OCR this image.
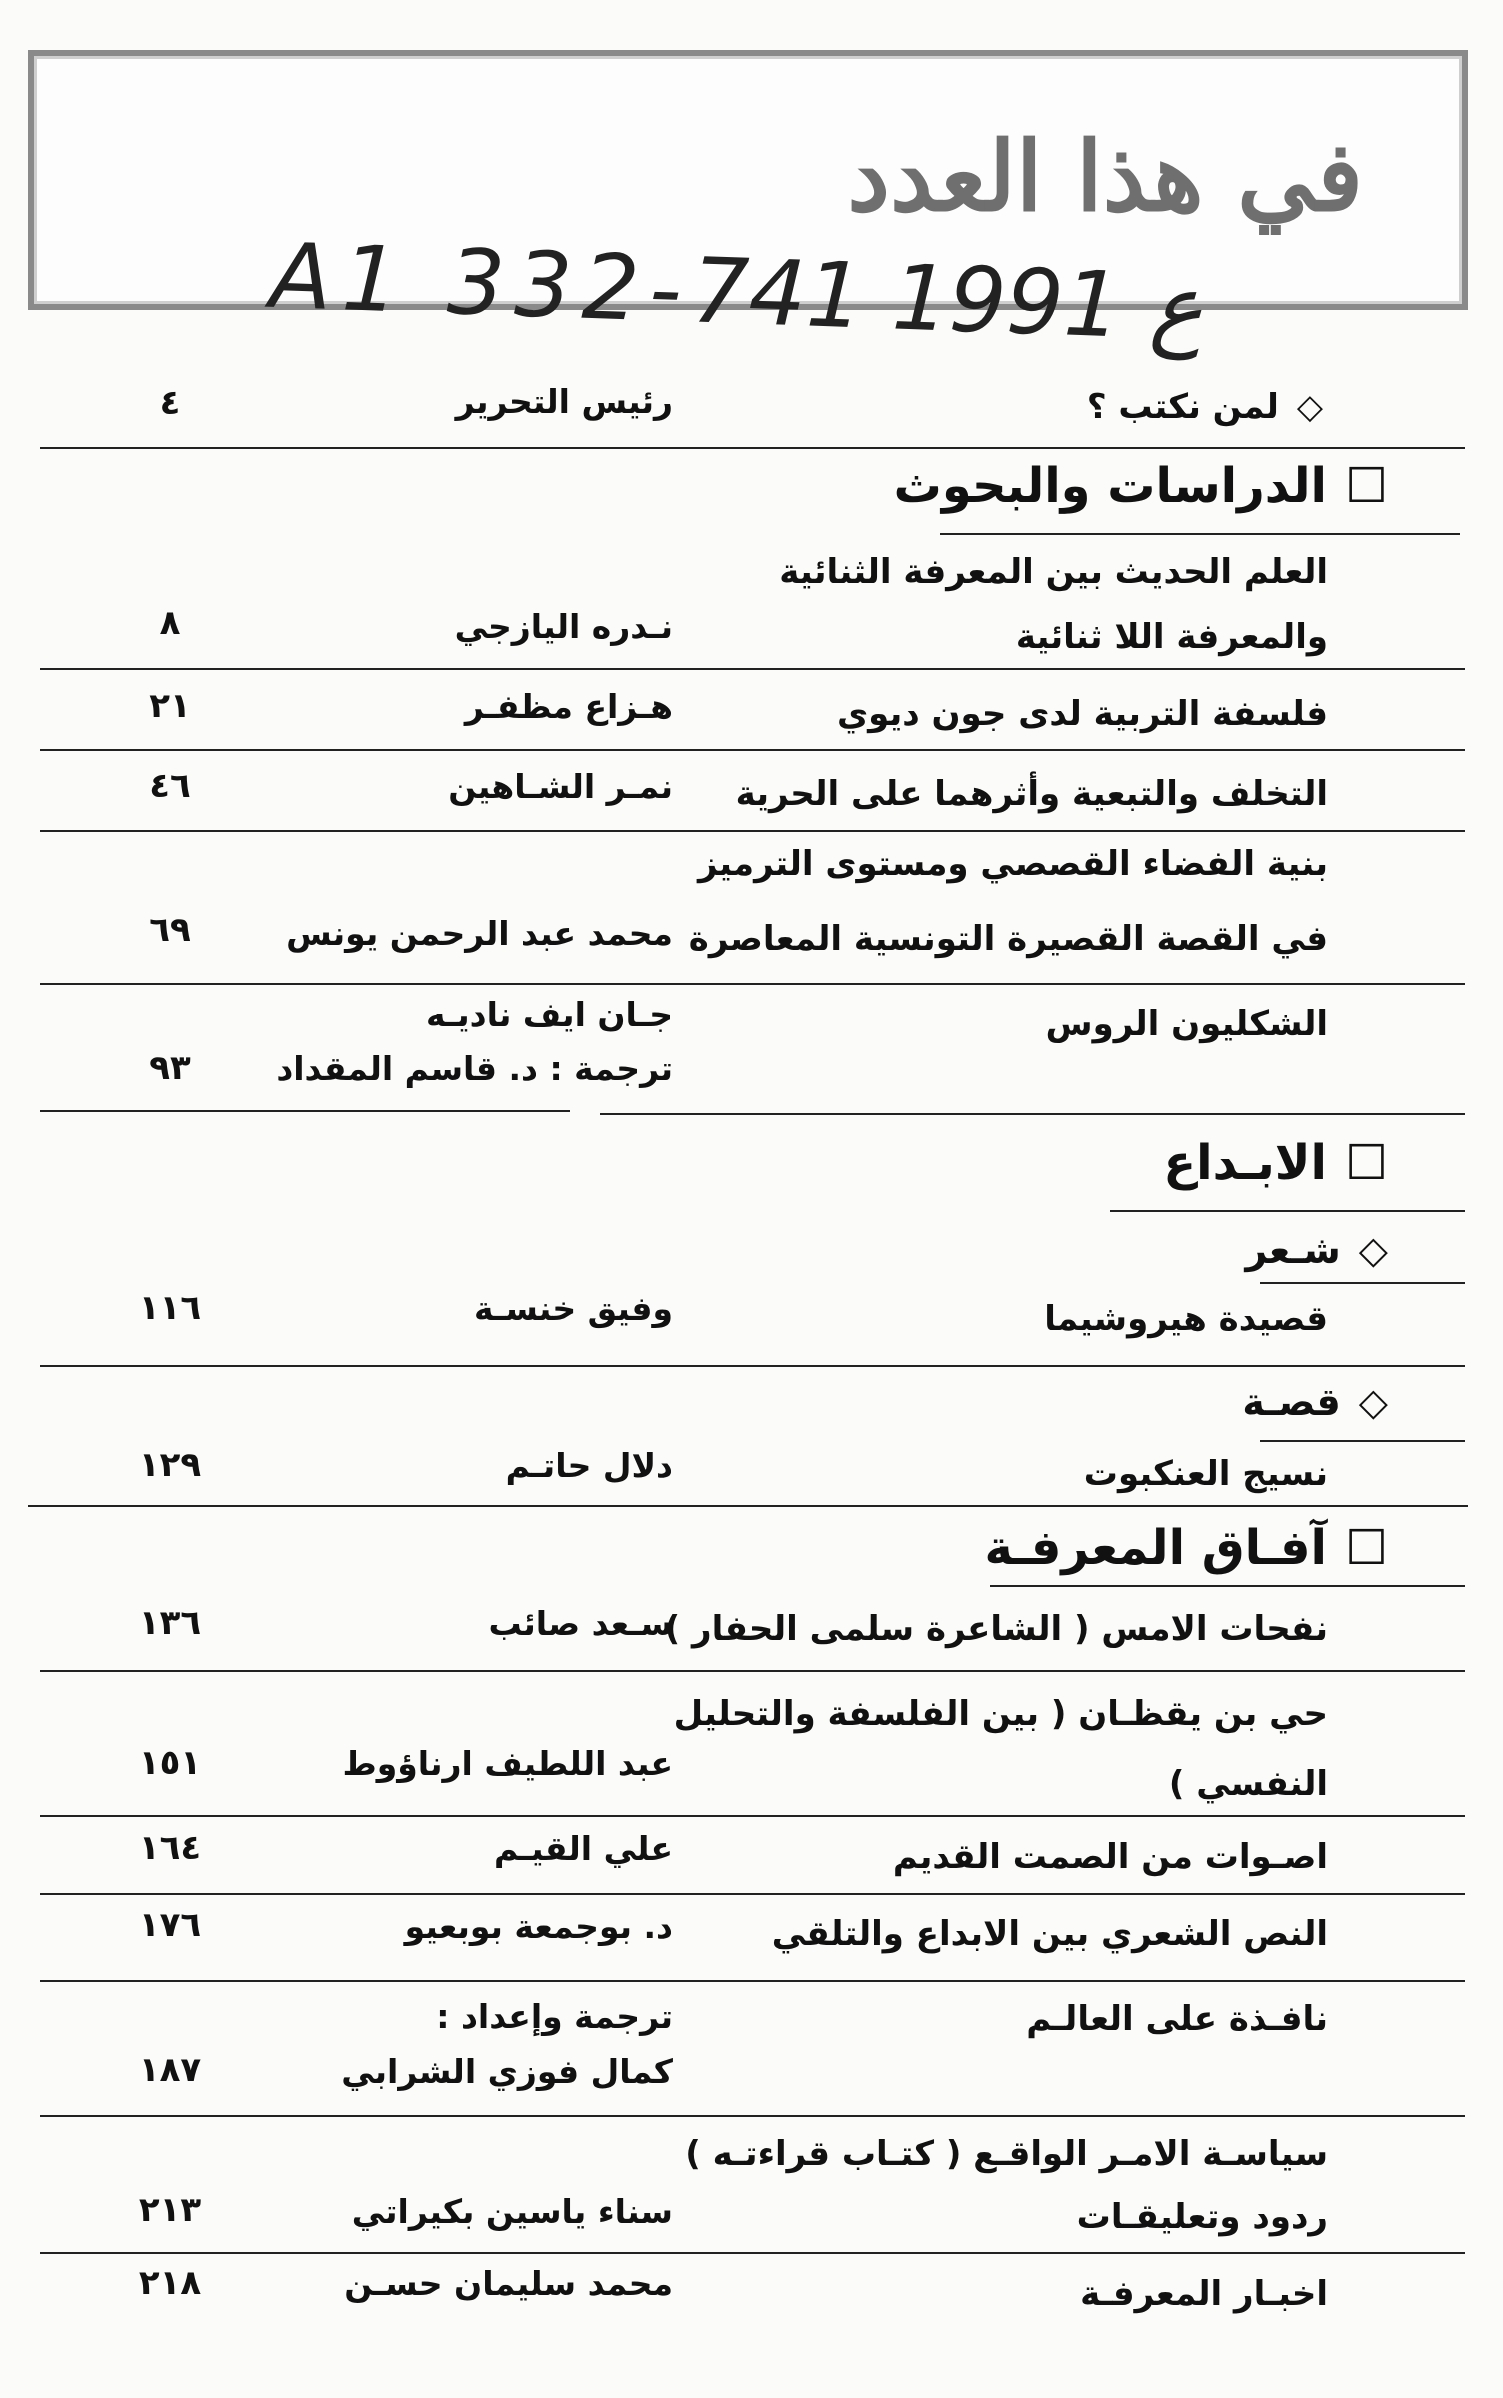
في هذا العدد
A1 332-ع 1991 741
◇لمن نكتب ؟
رئيس التحرير
٤
☐الدراسات والبحوث
العلم الحديث بين المعرفة الثنائية
والمعرفة اللا ثنائية
نـدره اليازجي
٨
فلسفة التربية لدى جون ديوي
هـزاع مظفـر
٢١
التخلف والتبعية وأثرهما على الحرية
نمـر الشـاهين
٤٦
بنية الفضاء القصصي ومستوى الترميز
في القصة القصيرة التونسية المعاصرة
محمد عبد الرحمن يونس
٦٩
الشكليون الروس
جـان ايف ناديـه
ترجمة : د. قاسم المقداد
٩٣
☐الابـداع
◇شـعر
قصيدة هيروشيما
وفيق خنسـة
١١٦
◇قصـة
نسيج العنكبوت
دلال حاتـم
١٢٩
☐آفـاق المعرفـة
نفحات الامس ( الشاعرة سلمى الحفار )
سـعد صائب
١٣٦
حي بن يقظـان ( بين الفلسفة والتحليل
النفسي )
عبد اللطيف ارناؤوط
١٥١
اصـوات من الصمت القديم
علي القيـم
١٦٤
النص الشعري بين الابداع والتلقي
د. بوجمعة بوبعيو
١٧٦
نافـذة على العالـم
ترجمة وإعداد :
كمال فوزي الشرابي
١٨٧
سياسـة الامـر الواقـع ( كتـاب قراءتـه )
ردود وتعليقـات
سناء ياسين بكيراتي
٢١٣
اخبـار المعرفـة
محمد سليمان حسـن
٢١٨
